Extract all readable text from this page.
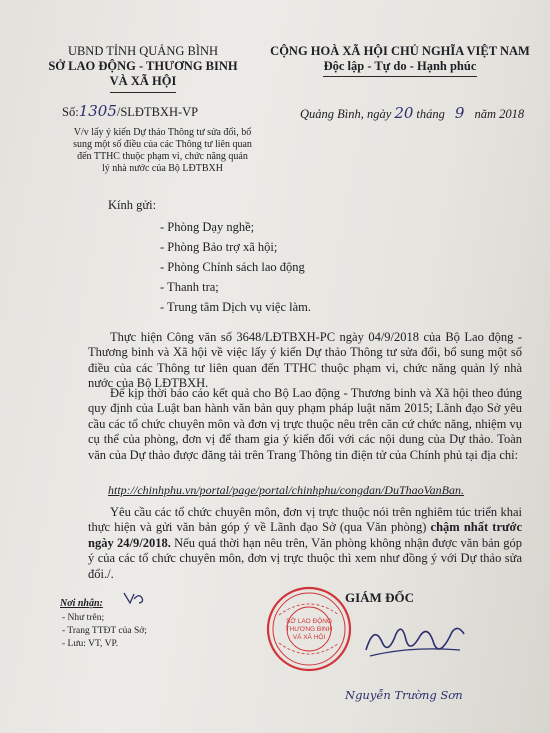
UBND TỈNH QUẢNG BÌNH
SỞ LAO ĐỘNG - THƯƠNG BINH
VÀ XÃ HỘI
CỘNG HOÀ XÃ HỘI CHỦ NGHĨA VIỆT NAM
Độc lập - Tự do - Hạnh phúc
Số:1305/SLĐTBXH-VP	Quảng Bình, ngày 20 tháng 9 năm 2018
V/v lấy ý kiến Dự thảo Thông tư sửa đổi, bổ
sung một số điều của các Thông tư liên quan
đến TTHC thuộc phạm vi, chức năng quản
lý nhà nước của Bộ LĐTBXH
Kính gửi:
- Phòng Dạy nghề;
- Phòng Bảo trợ xã hội;
- Phòng Chính sách lao động
- Thanh tra;
- Trung tâm Dịch vụ việc làm.
Thực hiện Công văn số 3648/LĐTBXH-PC ngày 04/9/2018 của Bộ Lao động - Thương binh và Xã hội về việc lấy ý kiến Dự thảo Thông tư sửa đổi, bổ sung một số điều của các Thông tư liên quan đến TTHC thuộc phạm vi, chức năng quản lý nhà nước của Bộ LĐTBXH.
Để kịp thời báo cáo kết quả cho Bộ Lao động - Thương binh và Xã hội theo đúng quy định của Luật ban hành văn bản quy phạm pháp luật năm 2015; Lãnh đạo Sở yêu cầu các tổ chức chuyên môn và đơn vị trực thuộc nêu trên căn cứ chức năng, nhiệm vụ cụ thể của phòng, đơn vị để tham gia ý kiến đối với các nội dung của Dự thảo. Toàn văn của Dự thảo được đăng tải trên Trang Thông tin điện tử của Chính phủ tại địa chỉ:
http://chinhphu.vn/portal/page/portal/chinhphu/congdan/DuThaoVanBan.
Yêu cầu các tổ chức chuyên môn, đơn vị trực thuộc nói trên nghiêm túc triển khai thực hiện và gửi văn bản góp ý về Lãnh đạo Sở (qua Văn phòng) chậm nhất trước ngày 24/9/2018. Nếu quá thời hạn nêu trên, Văn phòng không nhận được văn bản góp ý của các tổ chức chuyên môn, đơn vị trực thuộc thì xem như đồng ý với Dự thảo sửa đổi./.
Nơi nhận:
- Như trên;
- Trang TTĐT của Sở;
- Lưu: VT, VP.
GIÁM ĐỐC
SỞ LAO ĐỘNG
THƯƠNG BINH
VÀ XÃ HỘI
Nguyễn Trường Sơn
